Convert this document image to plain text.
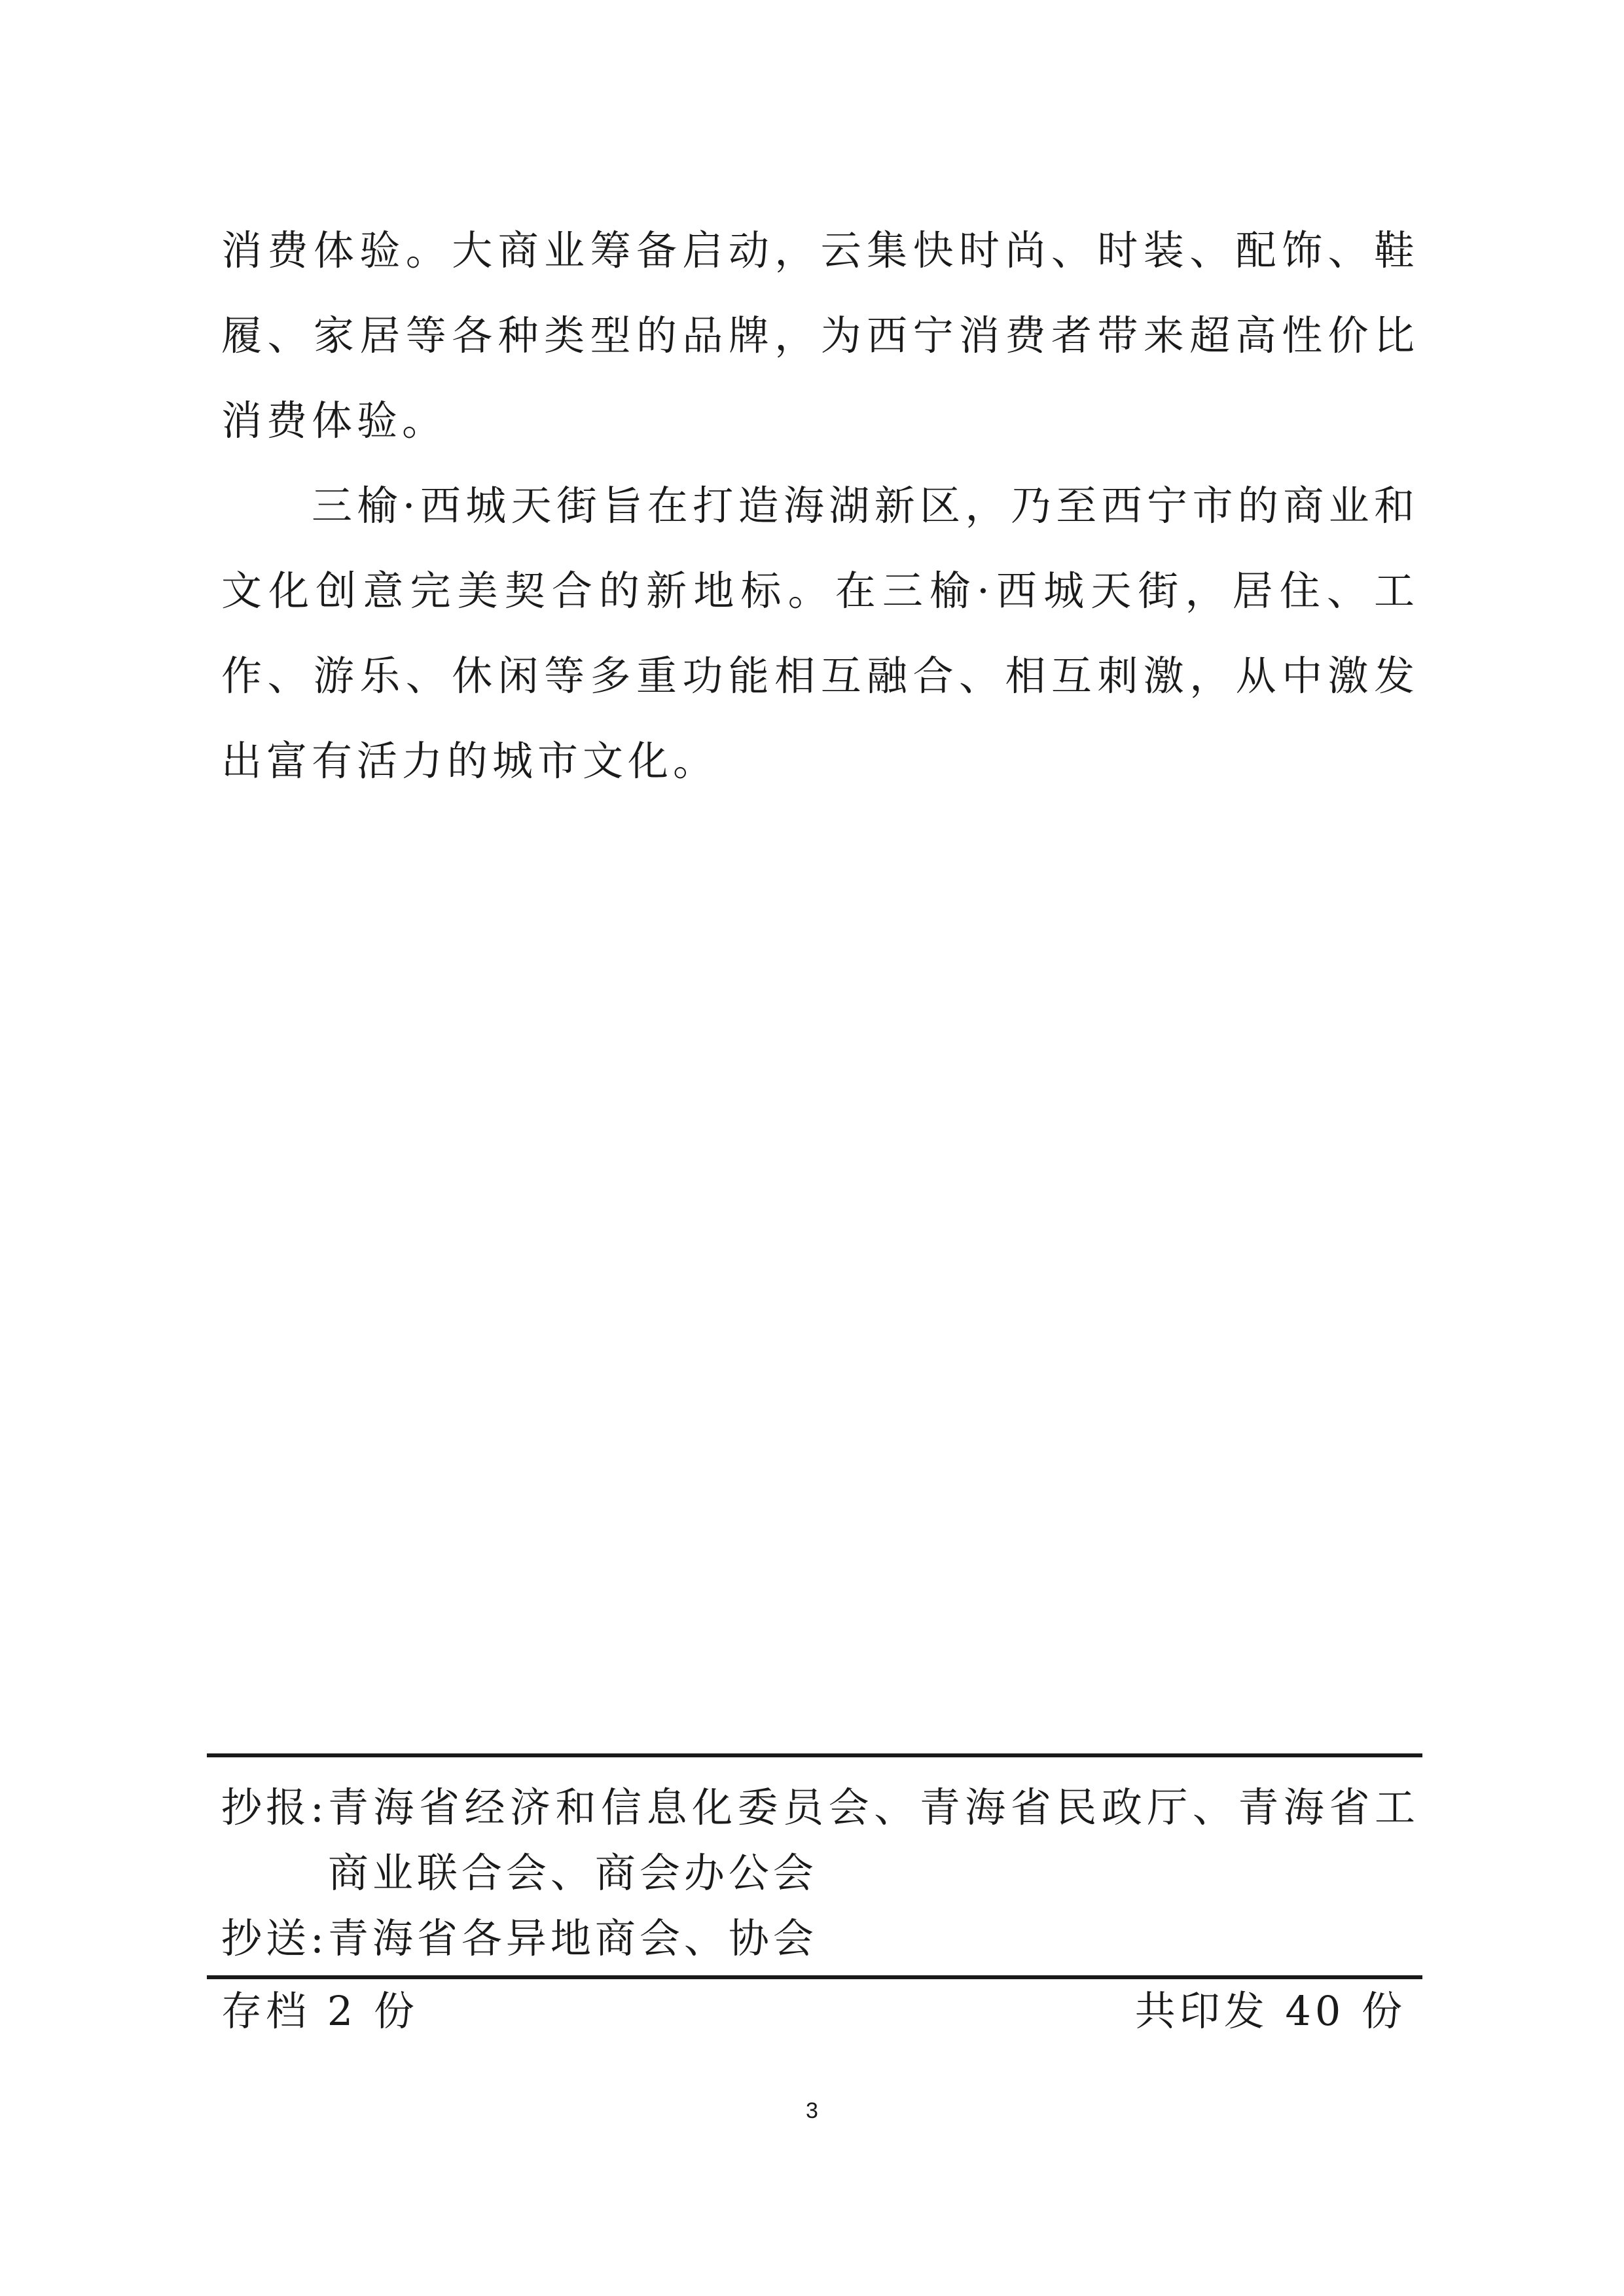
消费体验。大商业筹备启动，云集快时尚、时装、配饰、鞋履、家居等各种类型的品牌，为西宁消费者带来超高性价比消费体验。

三榆·西城天街旨在打造海湖新区，乃至西宁市的商业和文化创意完美契合的新地标。在三榆·西城天街，居住、工作、游乐、休闲等多重功能相互融合、相互刺激，从中激发出富有活力的城市文化。

抄报: 青海省经济和信息化委员会、青海省民政厅、青海省工商业联合会、商会办公会
抄送: 青海省各异地商会、协会
存档 2 份	共印发 40 份
3
